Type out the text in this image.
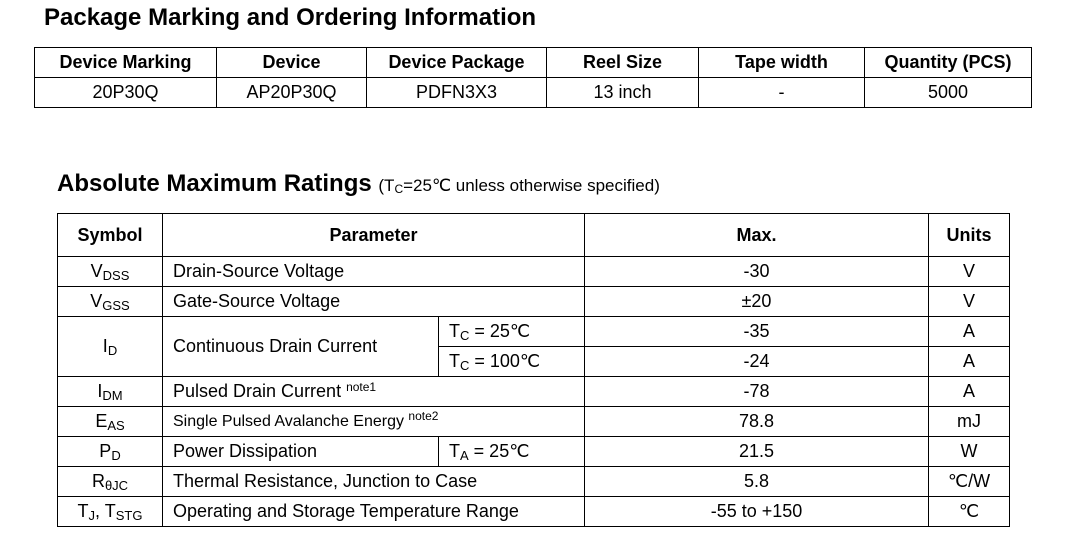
Package Marking and Ordering Information
Device Marking	Device	Device Package	Reel Size	Tape width	Quantity (PCS)
20P30Q	AP20P30Q	PDFN3X3	13 inch	-	5000
Absolute Maximum Ratings ($T_C=25℃$ unless otherwise specified)
Symbol	Parameter		Max.	Units
VDSS	Drain-Source Voltage		-30	V
VGSS	Gate-Source Voltage		±20	V
ID	Continuous Drain Current	TC = 25℃	-35	A
		TC = 100℃	-24	A
IDM	Pulsed Drain Current $^{note1}$		-78	A
EAS	Single Pulsed Avalanche Energy $^{note2}$		78.8	mJ
PD	Power Dissipation	TA = 25℃	21.5	W
RθJC	Thermal Resistance, Junction to Case		5.8	℃/W
TJ, TSTG	Operating and Storage Temperature Range		-55 to +150	℃
